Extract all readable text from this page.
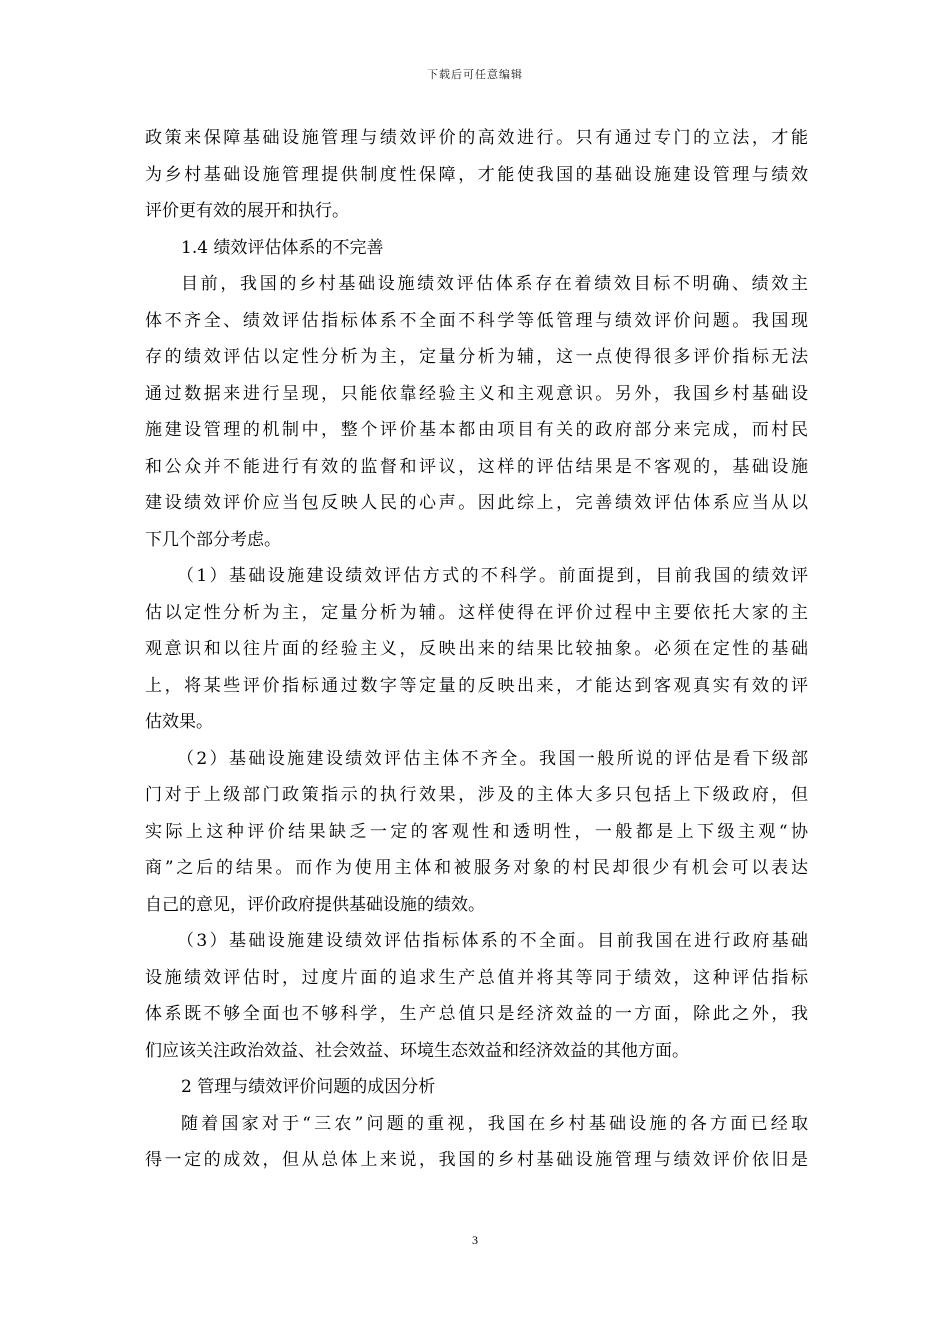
下载后可任意编辑
政策来保障基础设施管理与绩效评价的高效进行。只有通过专门的立法，才能
为乡村基础设施管理提供制度性保障，才能使我国的基础设施建设管理与绩效
评价更有效的展开和执行。
1.4 绩效评估体系的不完善
目前，我国的乡村基础设施绩效评估体系存在着绩效目标不明确、绩效主
体不齐全、绩效评估指标体系不全面不科学等低管理与绩效评价问题。我国现
存的绩效评估以定性分析为主，定量分析为辅，这一点使得很多评价指标无法
通过数据来进行呈现，只能依靠经验主义和主观意识。另外，我国乡村基础设
施建设管理的机制中，整个评价基本都由项目有关的政府部分来完成，而村民
和公众并不能进行有效的监督和评议，这样的评估结果是不客观的，基础设施
建设绩效评价应当包反映人民的心声。因此综上，完善绩效评估体系应当从以
下几个部分考虑。
（1）基础设施建设绩效评估方式的不科学。前面提到，目前我国的绩效评
估以定性分析为主，定量分析为辅。这样使得在评价过程中主要依托大家的主
观意识和以往片面的经验主义，反映出来的结果比较抽象。必须在定性的基础
上，将某些评价指标通过数字等定量的反映出来，才能达到客观真实有效的评
估效果。
（2）基础设施建设绩效评估主体不齐全。我国一般所说的评估是看下级部
门对于上级部门政策指示的执行效果，涉及的主体大多只包括上下级政府，但
实际上这种评价结果缺乏一定的客观性和透明性，一般都是上下级主观“协
商”之后的结果。而作为使用主体和被服务对象的村民却很少有机会可以表达
自己的意见，评价政府提供基础设施的绩效。
（3）基础设施建设绩效评估指标体系的不全面。目前我国在进行政府基础
设施绩效评估时，过度片面的追求生产总值并将其等同于绩效，这种评估指标
体系既不够全面也不够科学，生产总值只是经济效益的一方面，除此之外，我
们应该关注政治效益、社会效益、环境生态效益和经济效益的其他方面。
2 管理与绩效评价问题的成因分析
随着国家对于“三农”问题的重视，我国在乡村基础设施的各方面已经取
得一定的成效，但从总体上来说，我国的乡村基础设施管理与绩效评价依旧是
3
